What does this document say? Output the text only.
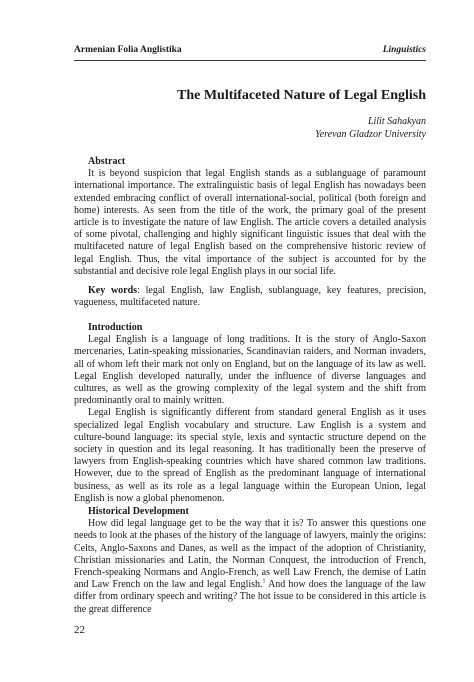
Armenian Folia Anglistika	Linguistics
The Multifaceted Nature of Legal English
Lilit Sahakyan
Yerevan Gladzor University
Abstract

It is beyond suspicion that legal English stands as a sublanguage of paramount international importance. The extralinguistic basis of legal English has nowadays been extended embracing conflict of overall international-social, political (both foreign and home) interests. As seen from the title of the work, the primary goal of the present article is to investigate the nature of law English. The article covers a detailed analysis of some pivotal, challenging and highly significant linguistic issues that deal with the multifaceted nature of legal English based on the comprehensive historic review of legal English. Thus, the vital importance of the subject is accounted for by the substantial and decisive role legal English plays in our social life.

Key words: legal English, law English, sublanguage, key features, precision, vagueness, multifaceted nature.

Introduction

Legal English is a language of long traditions. It is the story of Anglo-Saxon mercenaries, Latin-speaking missionaries, Scandinavian raiders, and Norman invaders, all of whom left their mark not only on England, but on the language of its law as well. Legal English developed naturally, under the influence of diverse languages and cultures, as well as the growing complexity of the legal system and the shift from predominantly oral to mainly written.

Legal English is significantly different from standard general English as it uses specialized legal English vocabulary and structure. Law English is a system and culture-bound language: its special style, lexis and syntactic structure depend on the society in question and its legal reasoning. It has traditionally been the preserve of lawyers from English-speaking countries which have shared common law traditions. However, due to the spread of English as the predominant language of international business, as well as its role as a legal language within the European Union, legal English is now a global phenomenon.

Historical Development

How did legal language get to be the way that it is? To answer this questions one needs to look at the phases of the history of the language of lawyers, mainly the origins: Celts, Anglo-Saxons and Danes, as well as the impact of the adoption of Christianity, Christian missionaries and Latin, the Norman Conquest, the introduction of French, French-speaking Normans and Anglo-French, as well Law French, the demise of Latin and Law French on the law and legal English.$^1$ And how does the language of the law differ from ordinary speech and writing? The hot issue to be considered in this article is the great difference

22
